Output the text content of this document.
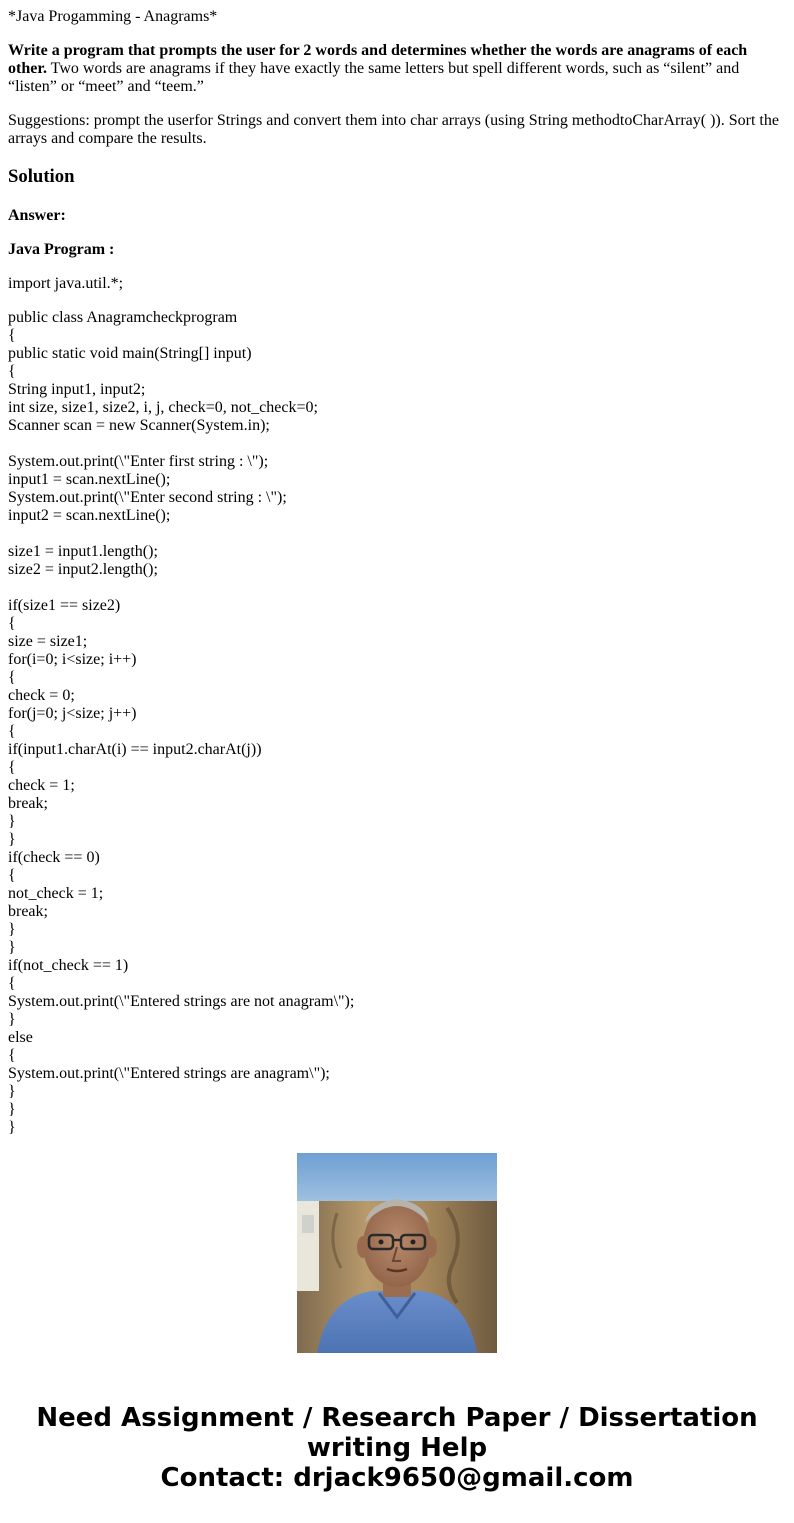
*Java Progamming - Anagrams*
Write a program that prompts the user for 2 words and determines whether the words are anagrams of each other. Two words are anagrams if they have exactly the same letters but spell different words, such as “silent” and “listen” or “meet” and “teem.”
Suggestions: prompt the userfor Strings and convert them into char arrays (using String methodtoCharArray( )). Sort the arrays and compare the results.
Solution
Answer:
Java Program :
import java.util.*;
public class Anagramcheckprogram
{
public static void main(String[] input)
{
String input1, input2;
int size, size1, size2, i, j, check=0, not_check=0;
Scanner scan = new Scanner(System.in);
System.out.print(\"Enter first string : \");
input1 = scan.nextLine();
System.out.print(\"Enter second string : \");
input2 = scan.nextLine();
size1 = input1.length();
size2 = input2.length();
if(size1 == size2)
{
size = size1;
for(i=0; i<size; i++)
{
check = 0;
for(j=0; j<size; j++)
{
if(input1.charAt(i) == input2.charAt(j))
{
check = 1;
break;
}
}
if(check == 0)
{
not_check = 1;
break;
}
}
if(not_check == 1)
{
System.out.print(\"Entered strings are not anagram\");
}
else
{
System.out.print(\"Entered strings are anagram\");
}
}
}
Need Assignment / Research Paper / Dissertation
writing Help
Contact: drjack9650@gmail.com
